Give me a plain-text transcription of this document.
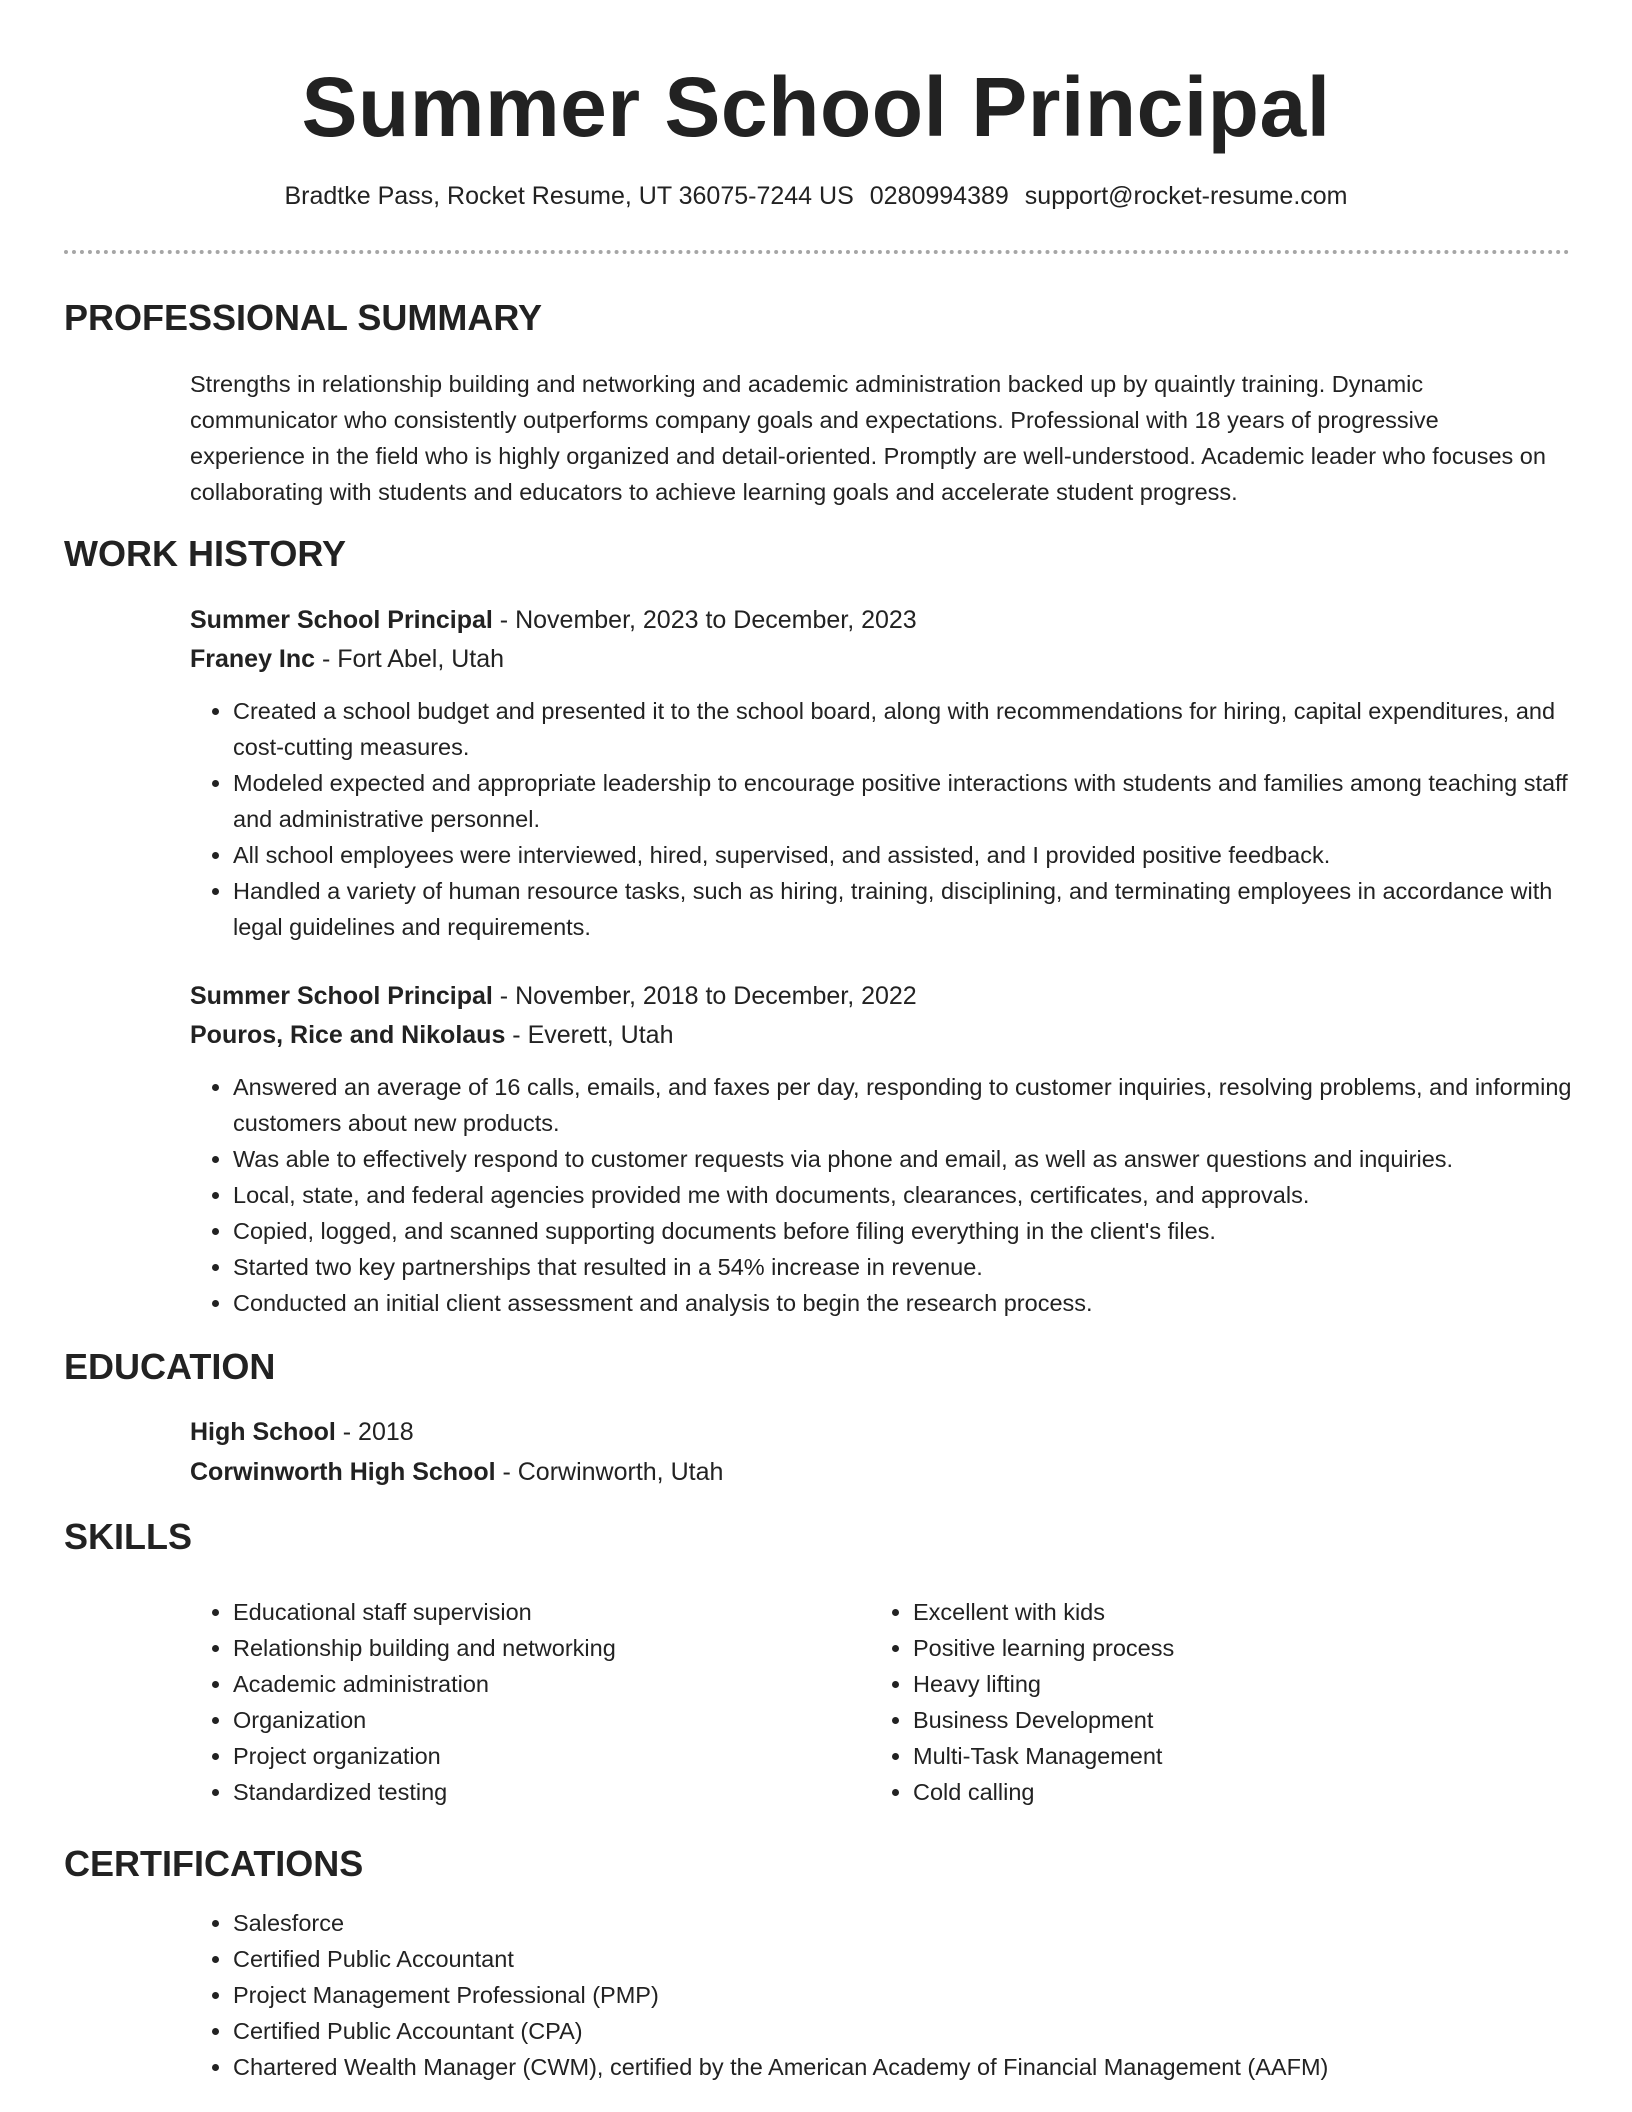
Summer School Principal
Bradtke Pass, Rocket Resume, UT 36075-7244 US 0280994389 support@rocket-resume.com
PROFESSIONAL SUMMARY

Strengths in relationship building and networking and academic administration backed up by quaintly training. Dynamic communicator who consistently outperforms company goals and expectations. Professional with 18 years of progressive experience in the field who is highly organized and detail-oriented. Promptly are well-understood. Academic leader who focuses on collaborating with students and educators to achieve learning goals and accelerate student progress.

WORK HISTORY

Summer School Principal - November, 2023 to December, 2023

Franey Inc - Fort Abel, Utah

• Created a school budget and presented it to the school board, along with recommendations for hiring, capital expenditures, and cost-cutting measures.
• Modeled expected and appropriate leadership to encourage positive interactions with students and families among teaching staff and administrative personnel.
• All school employees were interviewed, hired, supervised, and assisted, and I provided positive feedback.
• Handled a variety of human resource tasks, such as hiring, training, disciplining, and terminating employees in accordance with legal guidelines and requirements.

Summer School Principal - November, 2018 to December, 2022

Pouros, Rice and Nikolaus - Everett, Utah

• Answered an average of 16 calls, emails, and faxes per day, responding to customer inquiries, resolving problems, and informing customers about new products.
• Was able to effectively respond to customer requests via phone and email, as well as answer questions and inquiries.
• Local, state, and federal agencies provided me with documents, clearances, certificates, and approvals.
• Copied, logged, and scanned supporting documents before filing everything in the client's files.
• Started two key partnerships that resulted in a 54% increase in revenue.
• Conducted an initial client assessment and analysis to begin the research process.
EDUCATION

High School - 2018

Corwinworth High School - Corwinworth, Utah

SKILLS
• Educational staff supervision
• Relationship building and networking
• Academic administration
• Organization
• Project organization
• Standardized testing
• Excellent with kids
• Positive learning process
• Heavy lifting
• Business Development
• Multi-Task Management
• Cold calling
CERTIFICATIONS
• Salesforce
• Certified Public Accountant
• Project Management Professional (PMP)
• Certified Public Accountant (CPA)
• Chartered Wealth Manager (CWM), certified by the American Academy of Financial Management (AAFM)
